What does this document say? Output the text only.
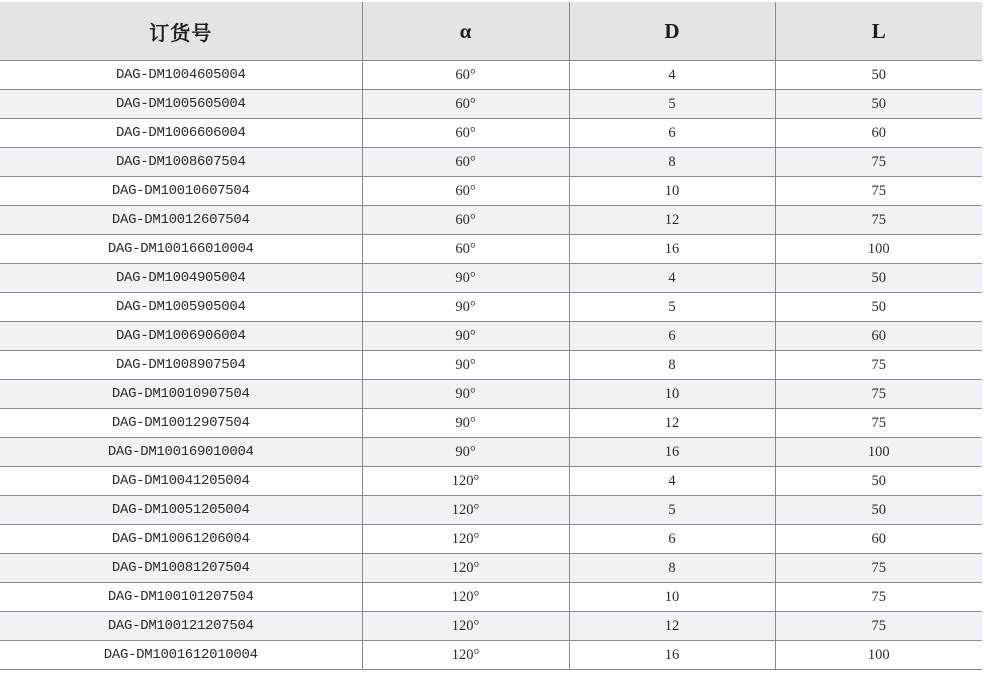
订货号	α	D	L
DAG-DM1004605004	60°	4	50
DAG-DM1005605004	60°	5	50
DAG-DM1006606004	60°	6	60
DAG-DM1008607504	60°	8	75
DAG-DM10010607504	60°	10	75
DAG-DM10012607504	60°	12	75
DAG-DM100166010004	60°	16	100
DAG-DM1004905004	90°	4	50
DAG-DM1005905004	90°	5	50
DAG-DM1006906004	90°	6	60
DAG-DM1008907504	90°	8	75
DAG-DM10010907504	90°	10	75
DAG-DM10012907504	90°	12	75
DAG-DM100169010004	90°	16	100
DAG-DM10041205004	120°	4	50
DAG-DM10051205004	120°	5	50
DAG-DM10061206004	120°	6	60
DAG-DM10081207504	120°	8	75
DAG-DM100101207504	120°	10	75
DAG-DM100121207504	120°	12	75
DAG-DM1001612010004	120°	16	100
